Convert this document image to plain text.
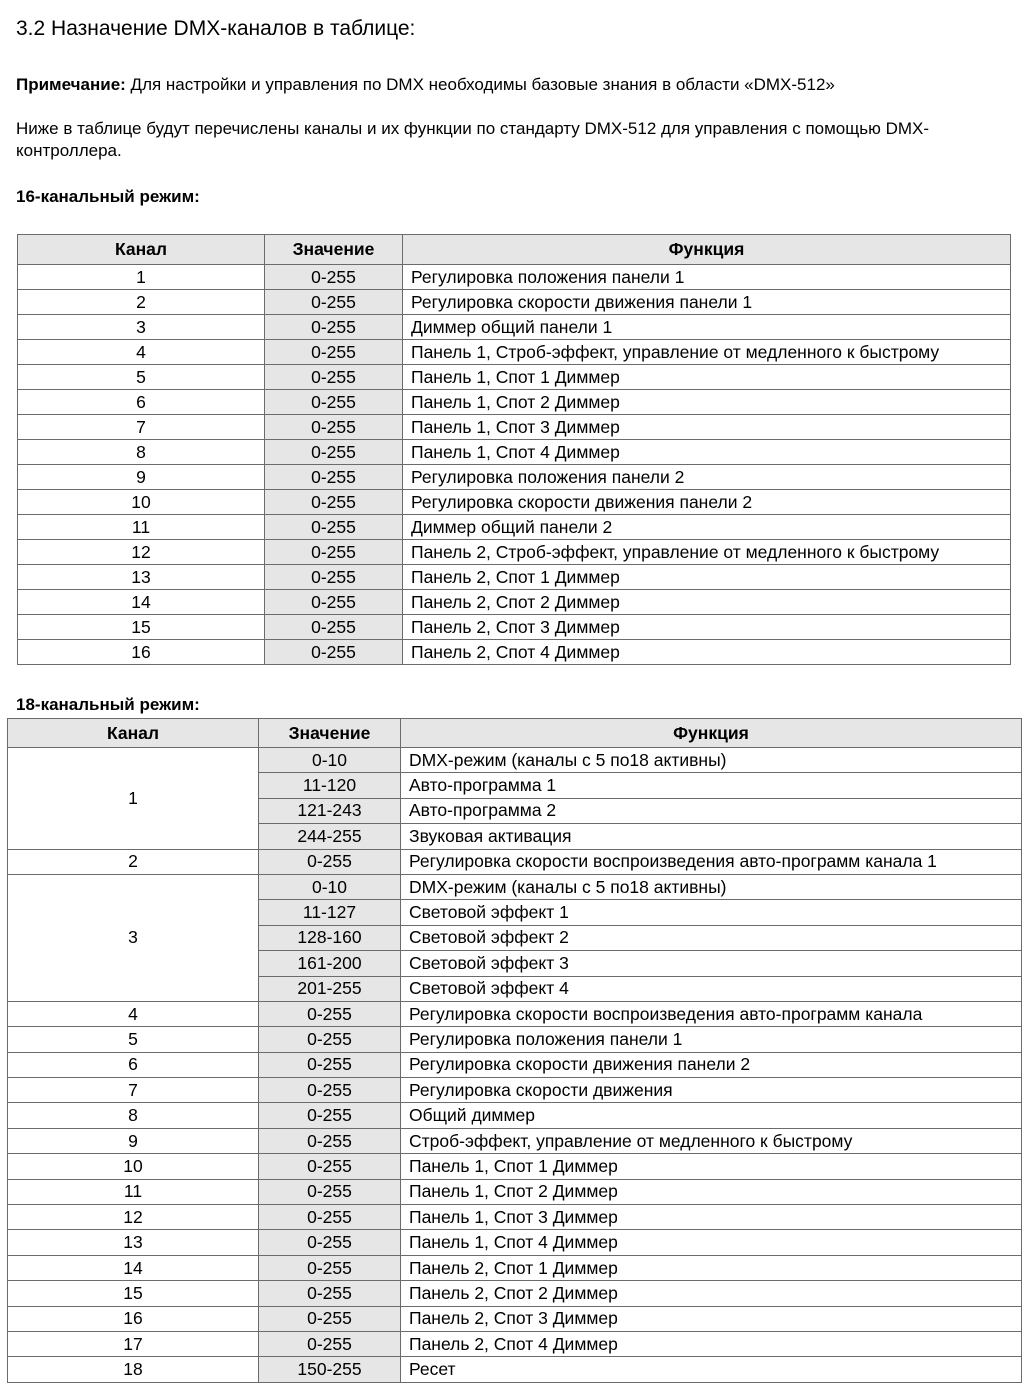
3.2 Назначение DMX-каналов в таблице:
Примечание: Для настройки и управления по DMX необходимы базовые знания в области «DMX-512»
Ниже в таблице будут перечислены каналы и их функции по стандарту DMX-512 для управления с помощью DMX-контроллера.
16-канальный режим:
Канал	Значение	Функция
1	0-255	Регулировка положения панели 1
2	0-255	Регулировка скорости движения панели 1
3	0-255	Диммер общий панели 1
4	0-255	Панель 1, Строб-эффект, управление от медленного к быстрому
5	0-255	Панель 1, Спот 1 Диммер
6	0-255	Панель 1, Спот 2 Диммер
7	0-255	Панель 1, Спот 3 Диммер
8	0-255	Панель 1, Спот 4 Диммер
9	0-255	Регулировка положения панели 2
10	0-255	Регулировка скорости движения панели 2
11	0-255	Диммер общий панели 2
12	0-255	Панель 2, Строб-эффект, управление от медленного к быстрому
13	0-255	Панель 2, Спот 1 Диммер
14	0-255	Панель 2, Спот 2 Диммер
15	0-255	Панель 2, Спот 3 Диммер
16	0-255	Панель 2, Спот 4 Диммер
18-канальный режим:
Канал	Значение	Функция
1	0-10	DMX-режим (каналы с 5 по18 активны)
	11-120	Авто-программа 1
	121-243	Авто-программа 2
	244-255	Звуковая активация
2	0-255	Регулировка скорости воспроизведения авто-программ канала 1
3	0-10	DMX-режим (каналы с 5 по18 активны)
	11-127	Световой эффект 1
	128-160	Световой эффект 2
	161-200	Световой эффект 3
	201-255	Световой эффект 4
4	0-255	Регулировка скорости воспроизведения авто-программ канала
5	0-255	Регулировка положения панели 1
6	0-255	Регулировка скорости движения панели 2
7	0-255	Регулировка скорости движения
8	0-255	Общий диммер
9	0-255	Строб-эффект, управление от медленного к быстрому
10	0-255	Панель 1, Спот 1 Диммер
11	0-255	Панель 1, Спот 2 Диммер
12	0-255	Панель 1, Спот 3 Диммер
13	0-255	Панель 1, Спот 4 Диммер
14	0-255	Панель 2, Спот 1 Диммер
15	0-255	Панель 2, Спот 2 Диммер
16	0-255	Панель 2, Спот 3 Диммер
17	0-255	Панель 2, Спот 4 Диммер
18	150-255	Ресет
